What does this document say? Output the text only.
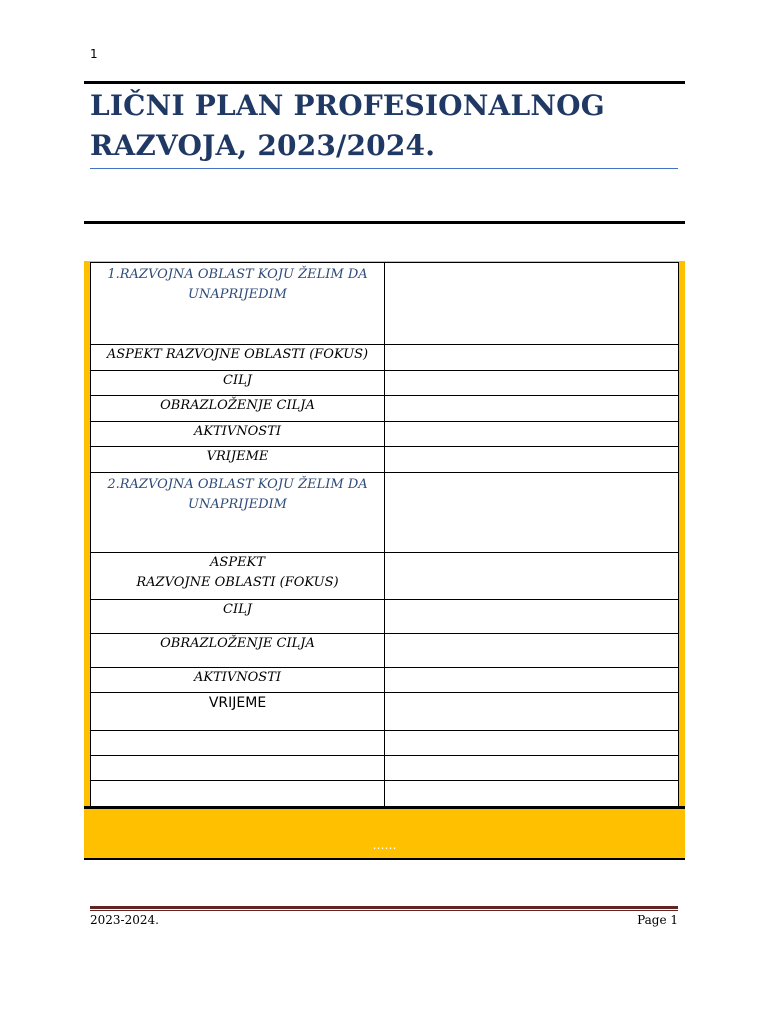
1
LIČNI PLAN PROFESIONALNOG
RAZVOJA, 2023/2024.
1.RAZVOJNA OBLAST KOJU ŽELIM DA UNAPRIJEDIM	

ASPEKT RAZVOJNE OBLASTI (FOKUS)	
CILJ	
OBRAZLOŽENJE CILJA	
AKTIVNOSTI	
VRIJEME	

2.RAZVOJNA OBLAST KOJU ŽELIM DA UNAPRIJEDIM	

ASPEKT
RAZVOJNE OBLASTI (FOKUS)	
CILJ	
OBRAZLOŽENJE CILJA	
AKTIVNOSTI	
VRIJEME	

……
2023-2024.	Page 1
